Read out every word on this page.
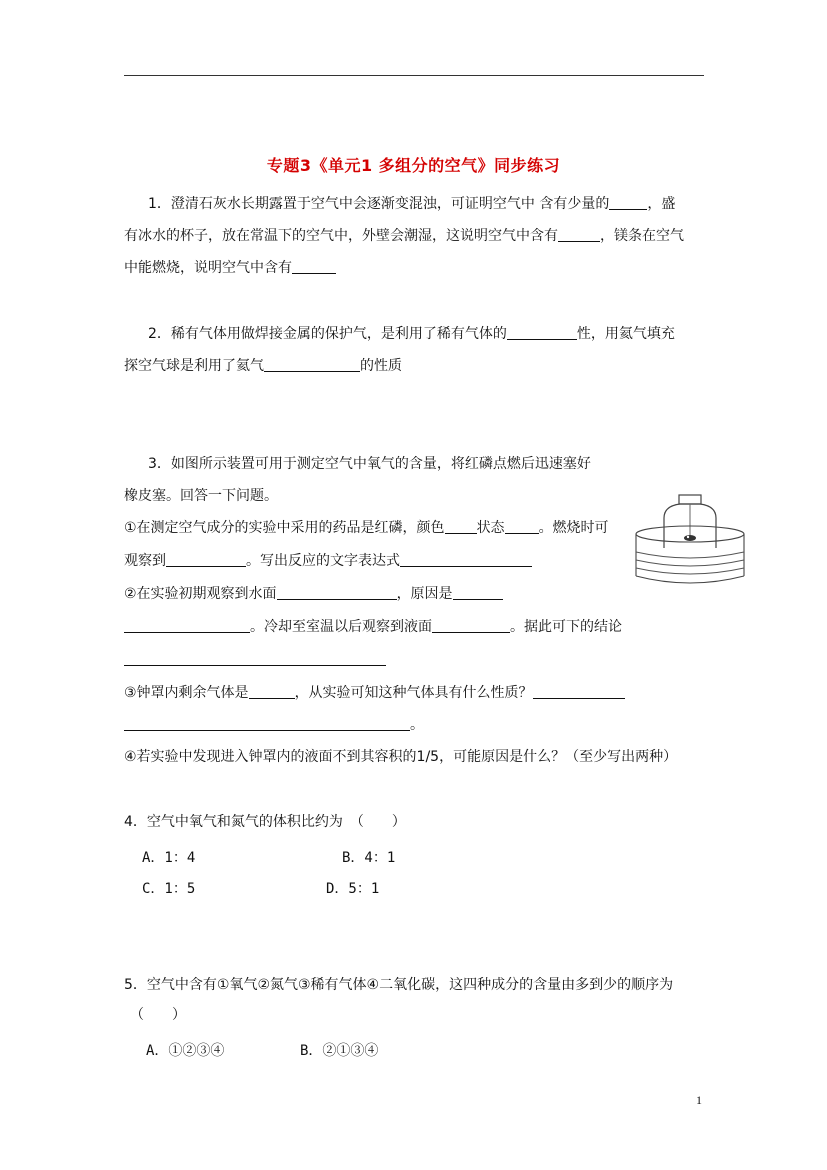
专题3《单元1 多组分的空气》同步练习
1．澄清石灰水长期露置于空气中会逐渐变混浊，可证明空气中 含有少量的	，盛
有冰水的杯子，放在常温下的空气中，外壁会潮湿，这说明空气中含有	，镁条在空气
中能燃烧，说明空气中含有
2．稀有气体用做焊接金属的保护气，是利用了稀有气体的	性，用氦气填充
探空气球是利用了氦气	的性质
3．如图所示装置可用于测定空气中氧气的含量，将红磷点燃后迅速塞好
橡皮塞。回答一下问题。
①在测定空气成分的实验中采用的药品是红磷，颜色 状态 。燃烧时可
观察到	。写出反应的文字表达式
②在实验初期观察到水面	，原因是
。冷却至室温以后观察到液面	。据此可下的结论
③钟罩内剩余气体是	，从实验可知这种气体具有什么性质？
。
④若实验中发现进入钟罩内的液面不到其容积的1/5，可能原因是什么？（至少写出两种）
4．空气中氧气和氮气的体积比约为　（　　）
A．1：4	B．4：1
C．1：5	D．5：1
5．空气中含有①氧气②氮气③稀有气体④二氧化碳，这四种成分的含量由多到少的顺序为
（　　）
A．①②③④	B．②①③④
1
